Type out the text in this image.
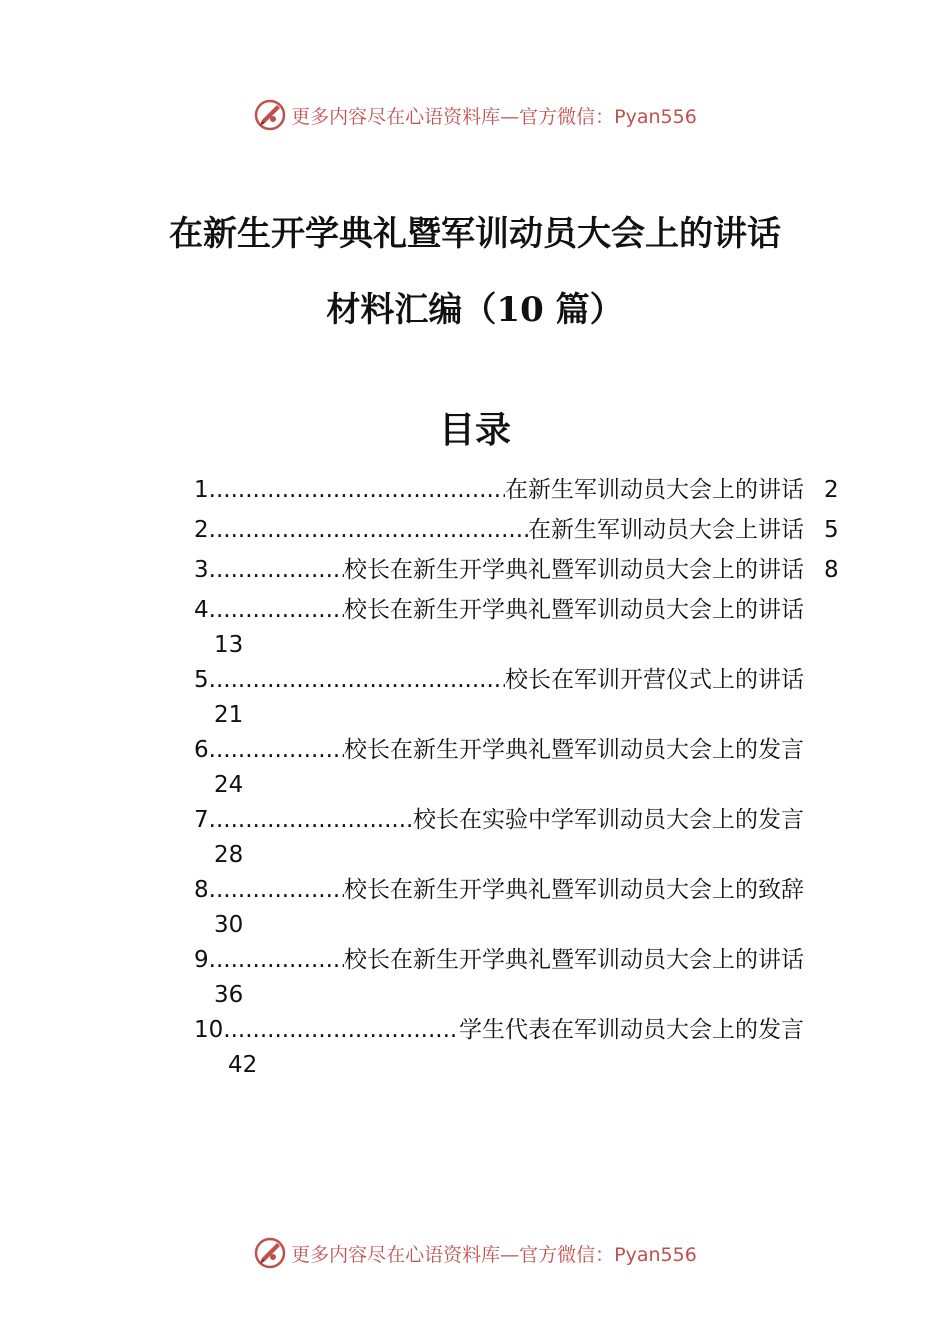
更多内容尽在心语资料库—官方微信：Pyan556
在新生开学典礼暨军训动员大会上的讲话
材料汇编（10 篇）
目录
1 .....	在新生军训动员大会上的讲话 2
2 .....	在新生军训动员大会上讲话 5
3 .....	校长在新生开学典礼暨军训动员大会上的讲话 8
4 .....	校长在新生开学典礼暨军训动员大会上的讲话
13
5 .....	校长在军训开营仪式上的讲话
21
6 .....	校长在新生开学典礼暨军训动员大会上的发言
24
7 .....	校长在实验中学军训动员大会上的发言
28
8 .....	校长在新生开学典礼暨军训动员大会上的致辞
30
9 .....	校长在新生开学典礼暨军训动员大会上的讲话
36
10 .....	学生代表在军训动员大会上的发言
42
更多内容尽在心语资料库—官方微信：Pyan556
